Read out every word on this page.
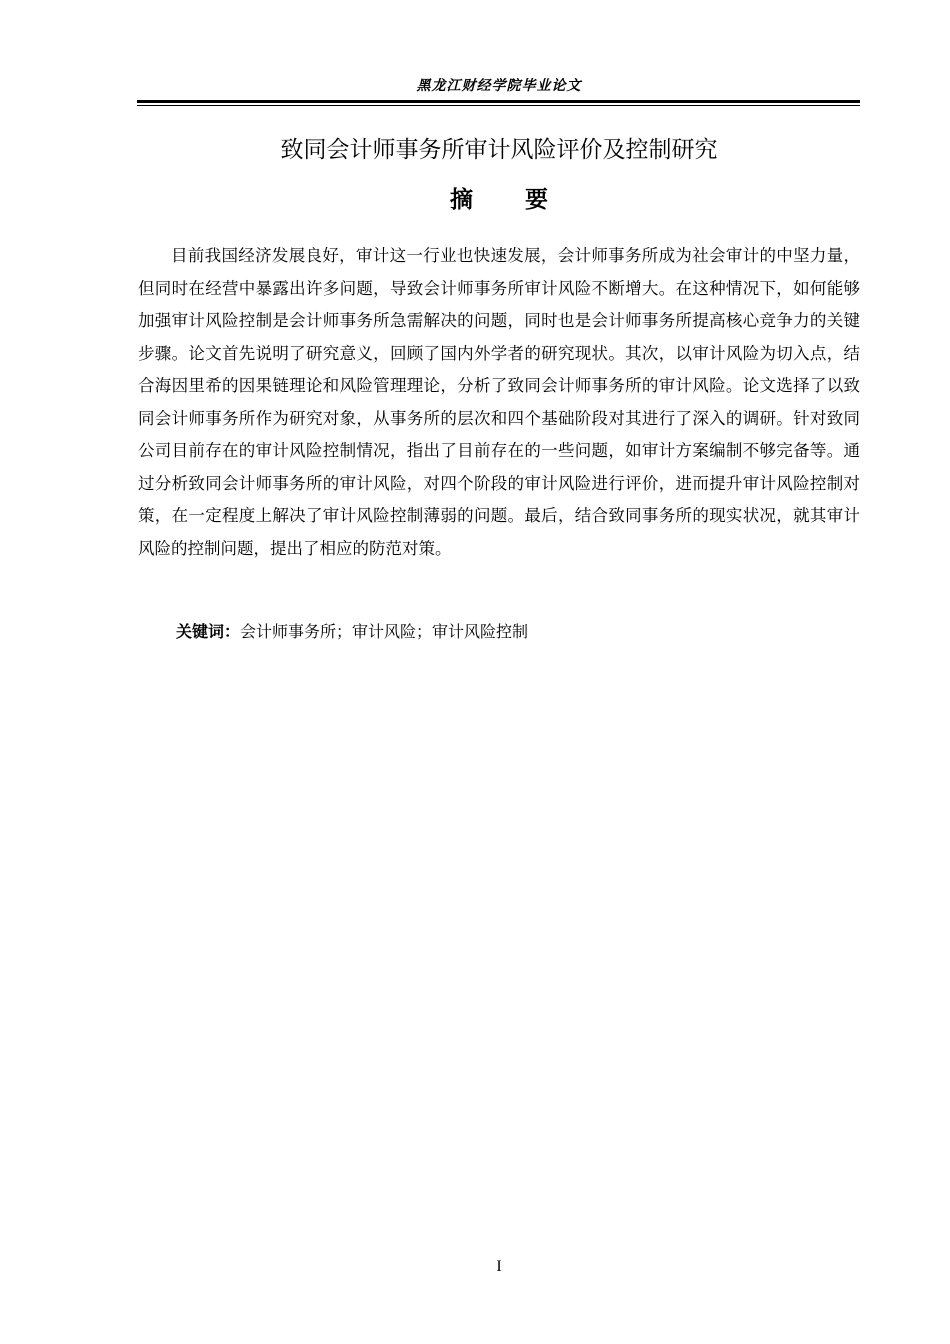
黑龙江财经学院毕业论文
致同会计师事务所审计风险评价及控制研究
摘 要

目前我国经济发展良好，审计这一行业也快速发展，会计师事务所成为社会审计的中坚力量，但同时在经营中暴露出许多问题，导致会计师事务所审计风险不断增大。在这种情况下，如何能够加强审计风险控制是会计师事务所急需解决的问题，同时也是会计师事务所提高核心竞争力的关键步骤。论文首先说明了研究意义，回顾了国内外学者的研究现状。其次，以审计风险为切入点，结合海因里希的因果链理论和风险管理理论，分析了致同会计师事务所的审计风险。论文选择了以致同会计师事务所作为研究对象，从事务所的层次和四个基础阶段对其进行了深入的调研。针对致同公司目前存在的审计风险控制情况，指出了目前存在的一些问题，如审计方案编制不够完备等。通过分析致同会计师事务所的审计风险，对四个阶段的审计风险进行评价，进而提升审计风险控制对策，在一定程度上解决了审计风险控制薄弱的问题。最后，结合致同事务所的现实状况，就其审计风险的控制问题，提出了相应的防范对策。

关键词：会计师事务所；审计风险；审计风险控制
I
